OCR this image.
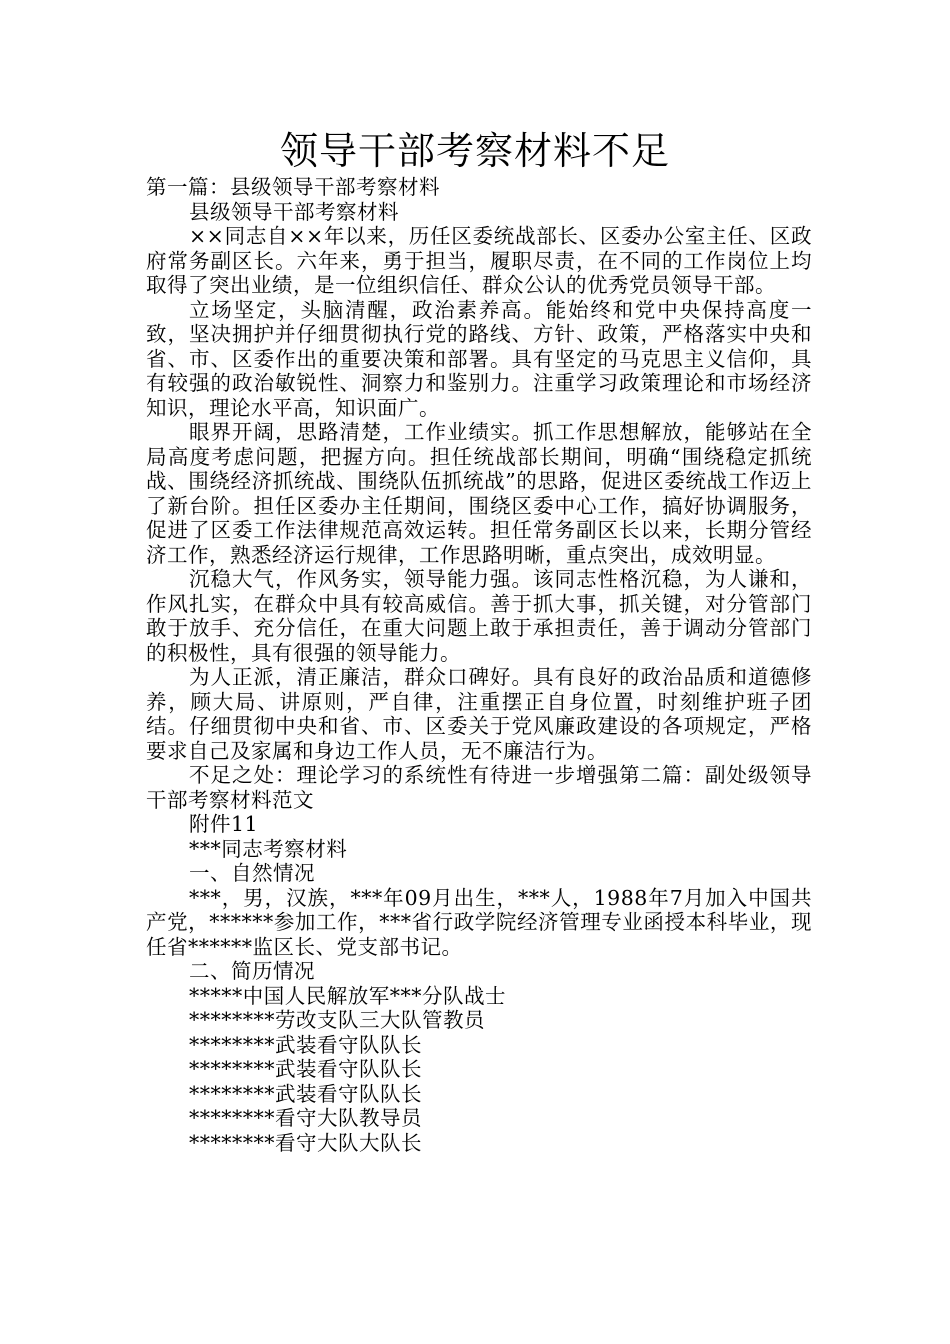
领导干部考察材料不足

第一篇：县级领导干部考察材料

县级领导干部考察材料

××同志自××年以来，历任区委统战部长、区委办公室主任、区政府常务副区长。六年来，勇于担当，履职尽责，在不同的工作岗位上均取得了突出业绩，是一位组织信任、群众公认的优秀党员领导干部。

立场坚定，头脑清醒，政治素养高。能始终和党中央保持高度一致，坚决拥护并仔细贯彻执行党的路线、方针、政策，严格落实中央和省、市、区委作出的重要决策和部署。具有坚定的马克思主义信仰，具有较强的政治敏锐性、洞察力和鉴别力。注重学习政策理论和市场经济知识，理论水平高，知识面广。

眼界开阔，思路清楚，工作业绩实。抓工作思想解放，能够站在全局高度考虑问题，把握方向。担任统战部长期间，明确“围绕稳定抓统战、围绕经济抓统战、围绕队伍抓统战”的思路，促进区委统战工作迈上了新台阶。担任区委办主任期间，围绕区委中心工作，搞好协调服务，促进了区委工作法律规范高效运转。担任常务副区长以来，长期分管经济工作，熟悉经济运行规律，工作思路明晰，重点突出，成效明显。

沉稳大气，作风务实，领导能力强。该同志性格沉稳，为人谦和，作风扎实，在群众中具有较高威信。善于抓大事，抓关键，对分管部门敢于放手、充分信任，在重大问题上敢于承担责任，善于调动分管部门的积极性，具有很强的领导能力。

为人正派，清正廉洁，群众口碑好。具有良好的政治品质和道德修养，顾大局、讲原则，严自律，注重摆正自身位置，时刻维护班子团结。仔细贯彻中央和省、市、区委关于党风廉政建设的各项规定，严格要求自己及家属和身边工作人员，无不廉洁行为。

不足之处：理论学习的系统性有待进一步增强第二篇：副处级领导干部考察材料范文

附件11

***同志考察材料

一、自然情况

***，男，汉族，***年09月出生，***人，1988年7月加入中国共产党，******参加工作，***省行政学院经济管理专业函授本科毕业，现任省******监区长、党支部书记。

二、简历情况

*****中国人民解放军***分队战士

********劳改支队三大队管教员

********武装看守队队长

********武装看守队队长

********武装看守队队长

********看守大队教导员

********看守大队大队长
